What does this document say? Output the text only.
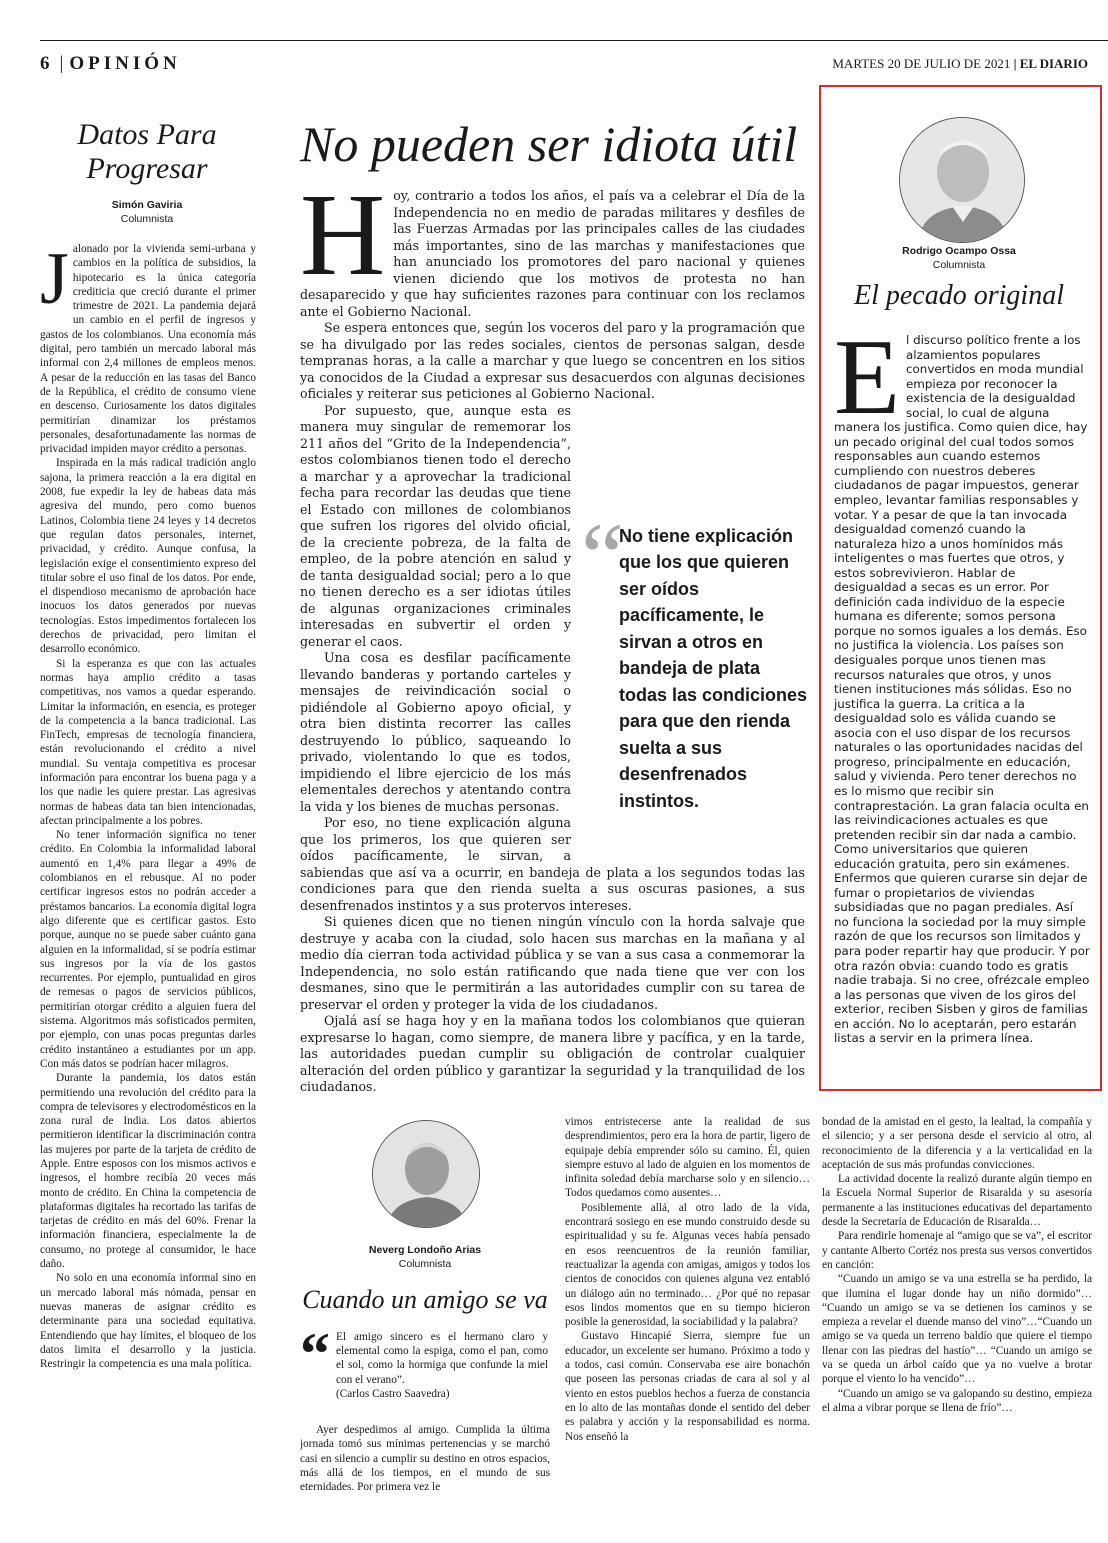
6 | OPINIÓN	MARTES 20 DE JULIO DE 2021 | EL DIARIO
Datos Para
Progresar
Simón Gaviria
Columnista
J alonado por la vivienda semi-urbana y cambios en la política de subsidios, la hipotecario es la única categoría crediticia que creció durante el primer trimestre de 2021. La pandemia dejará un cambio en el perfil de ingresos y gastos de los colombianos. Una economía más digital, pero también un mercado laboral más informal con 2,4 millones de empleos menos. A pesar de la reducción en las tasas del Banco de la República, el crédito de consumo viene en descenso. Curiosamente los datos digitales permitirían dinamizar los préstamos personales, desafortunadamente las normas de privacidad impiden mayor crédito a personas.

Inspirada en la más radical tradición anglo sajona, la primera reacción a la era digital en 2008, fue expedir la ley de habeas data más agresiva del mundo, pero como buenos Latinos, Colombia tiene 24 leyes y 14 decretos que regulan datos personales, internet, privacidad, y crédito. Aunque confusa, la legislación exige el consentimiento expreso del titular sobre el uso final de los datos. Por ende, el dispendioso mecanismo de aprobación hace inocuos los datos generados por nuevas tecnologías. Estos impedimentos fortalecen los derechos de privacidad, pero limitan el desarrollo económico.

Si la esperanza es que con las actuales normas haya amplio crédito a tasas competitivas, nos vamos a quedar esperando. Limitar la información, en esencia, es proteger de la competencia a la banca tradicional. Las FinTech, empresas de tecnología financiera, están revolucionando el crédito a nivel mundial. Su ventaja competitiva es procesar información para encontrar los buena paga y a los que nadie les quiere prestar. Las agresivas normas de habeas data tan bien intencionadas, afectan principalmente a los pobres.

No tener información significa no tener crédito. En Colombia la informalidad laboral aumentó en 1,4% para llegar a 49% de colombianos en el rebusque. Al no poder certificar ingresos estos no podrán acceder a préstamos bancarios. La economía digital logra algo diferente que es certificar gastos. Esto porque, aunque no se puede saber cuánto gana alguien en la informalidad, sí se podría estimar sus ingresos por la vía de los gastos recurrentes. Por ejemplo, puntualidad en giros de remesas o pagos de servicios públicos, permitirían otorgar crédito a alguien fuera del sistema. Algoritmos más sofisticados permiten, por ejemplo, con unas pocas preguntas darles crédito instantáneo a estudiantes por un app. Con más datos se podrían hacer milagros.

Durante la pandemia, los datos están permitiendo una revolución del crédito para la compra de televisores y electrodomésticos en la zona rural de India. Los datos abiertos permitieron identificar la discriminación contra las mujeres por parte de la tarjeta de crédito de Apple. Entre esposos con los mismos activos e ingresos, el hombre recibía 20 veces más monto de crédito. En China la competencia de plataformas digitales ha recortado las tarifas de tarjetas de crédito en más del 60%. Frenar la información financiera, especialmente la de consumo, no protege al consumidor, le hace daño.

No solo en una economía informal sino en un mercado laboral más nómada, pensar en nuevas maneras de asignar crédito es determinante para una sociedad equitativa. Entendiendo que hay límites, el bloqueo de los datos limita el desarrollo y la justicia. Restringir la competencia es una mala política.

No pueden ser idiota útil
H oy, contrario a todos los años, el país va a celebrar el Día de la Independencia no en medio de paradas militares y desfiles de las Fuerzas Armadas por las principales calles de las ciudades más importantes, sino de las marchas y manifestaciones que han anunciado los promotores del paro nacional y quienes vienen diciendo que los motivos de protesta no han desaparecido y que hay suficientes razones para continuar con los reclamos ante el Gobierno Nacional.

Se espera entonces que, según los voceros del paro y la programación que se ha divulgado por las redes sociales, cientos de personas salgan, desde tempranas horas, a la calle a marchar y que luego se concentren en los sitios ya conocidos de la Ciudad a expresar sus desacuerdos con algunas decisiones oficiales y reiterar sus peticiones al Gobierno Nacional.

“
No tiene explicación que los que quieren ser oídos pacíficamente, le sirvan a otros en bandeja de plata todas las condiciones para que den rienda suelta a sus desenfrenados instintos.

Por supuesto, que, aunque esta es manera muy singular de rememorar los 211 años del “Grito de la Independencia”, estos colombianos tienen todo el derecho a marchar y a aprovechar la tradicional fecha para recordar las deudas que tiene el Estado con millones de colombianos que sufren los rigores del olvido oficial, de la creciente pobreza, de la falta de empleo, de la pobre atención en salud y de tanta desigualdad social; pero a lo que no tienen derecho es a ser idiotas útiles de algunas organizaciones criminales interesadas en subvertir el orden y generar el caos.

Una cosa es desfilar pacíficamente llevando banderas y portando carteles y mensajes de reivindicación social o pidiéndole al Gobierno apoyo oficial, y otra bien distinta recorrer las calles destruyendo lo público, saqueando lo privado, violentando lo que es todos, impidiendo el libre ejercicio de los más elementales derechos y atentando contra la vida y los bienes de muchas personas.

Por eso, no tiene explicación alguna que los primeros, los que quieren ser oídos pacíficamente, le sirvan, a sabiendas que así va a ocurrir, en bandeja de plata a los segundos todas las condiciones para que den rienda suelta a sus oscuras pasiones, a sus desenfrenados instintos y a sus protervos intereses.

Si quienes dicen que no tienen ningún vínculo con la horda salvaje que destruye y acaba con la ciudad, solo hacen sus marchas en la mañana y al medio día cierran toda actividad pública y se van a sus casa a conmemorar la Independencia, no solo están ratificando que nada tiene que ver con los desmanes, sino que le permitirán a las autoridades cumplir con su tarea de preservar el orden y proteger la vida de los ciudadanos.

Ojalá así se haga hoy y en la mañana todos los colombianos que quieran expresarse lo hagan, como siempre, de manera libre y pacífica, y en la tarde, las autoridades puedan cumplir su obligación de controlar cualquier alteración del orden público y garantizar la seguridad y la tranquilidad de los ciudadanos.

Rodrigo Ocampo Ossa
Columnista
El pecado original
E l discurso político frente a los alzamientos populares convertidos en moda mundial empieza por reconocer la existencia de la desigualdad social, lo cual de alguna manera los justifica. Como quien dice, hay un pecado original del cual todos somos responsables aun cuando estemos cumpliendo con nuestros deberes ciudadanos de pagar impuestos, generar empleo, levantar familias responsables y votar. Y a pesar de que la tan invocada desigualdad comenzó cuando la naturaleza hizo a unos homínidos más inteligentes o mas fuertes que otros, y estos sobrevivieron. Hablar de desigualdad a secas es un error. Por definición cada individuo de la especie humana es diferente; somos persona porque no somos iguales a los demás. Eso no justifica la violencia. Los países son desiguales porque unos tienen mas recursos naturales que otros, y unos tienen instituciones más sólidas. Eso no justifica la guerra. La critica a la desigualdad solo es válida cuando se asocia con el uso dispar de los recursos naturales o las oportunidades nacidas del progreso, principalmente en educación, salud y vivienda. Pero tener derechos no es lo mismo que recibir sin contraprestación. La gran falacia oculta en las reivindicaciones actuales es que pretenden recibir sin dar nada a cambio. Como universitarios que quieren educación gratuita, pero sin exámenes. Enfermos que quieren curarse sin dejar de fumar o propietarios de viviendas subsidiadas que no pagan prediales. Así no funciona la sociedad por la muy simple razón de que los recursos son limitados y para poder repartir hay que producir. Y por otra razón obvia: cuando todo es gratis nadie trabaja. Si no cree, ofrézcale empleo a las personas que viven de los giros del exterior, reciben Sisben y giros de familias en acción. No lo aceptarán, pero estarán listas a servir en la primera línea.

Neverg Londoño Arias
Columnista
Cuando un amigo se va
“ El amigo sincero es el hermano claro y elemental como la espiga, como el pan, como el sol, como la hormiga que confunde la miel con el verano”.
(Carlos Castro Saavedra)

Ayer despedimos al amigo. Cumplida la última jornada tomó sus mínimas pertenencias y se marchó casi en silencio a cumplir su destino en otros espacios, más allá de los tiempos, en el mundo de sus eternidades. Por primera vez le

vimos entristecerse ante la realidad de sus desprendimientos, pero era la hora de partir, ligero de equipaje debía emprender sólo su camino. Él, quien siempre estuvo al lado de alguien en los momentos de infinita soledad debía marcharse solo y en silencio… Todos quedamos como ausentes…

Posiblemente allá, al otro lado de la vida, encontrará sosiego en ese mundo construido desde su espiritualidad y su fe. Algunas veces había pensado en esos reencuentros de la reunión familiar, reactualizar la agenda con amigas, amigos y todos los cientos de conocidos con quienes alguna vez entabló un diálogo aún no terminado… ¿Por qué no repasar esos lindos momentos que en su tiempo hicieron posible la generosidad, la sociabilidad y la palabra?

Gustavo Hincapié Sierra, siempre fue un educador, un excelente ser humano. Próximo a todo y a todos, casi común. Conservaba ese aire bonachón que poseen las personas criadas de cara al sol y al viento en estos pueblos hechos a fuerza de constancia en lo alto de las montañas donde el sentido del deber es palabra y acción y la responsabilidad es norma. Nos enseñó la

bondad de la amistad en el gesto, la lealtad, la compañía y el silencio; y a ser persona desde el servicio al otro, al reconocimiento de la diferencia y a la verticalidad en la aceptación de sus más profundas convicciones.

La actividad docente la realizó durante algún tiempo en la Escuela Normal Superior de Risaralda y su asesoría permanente a las instituciones educativas del departamento desde la Secretaría de Educación de Risaralda…

Para rendirle homenaje al “amigo que se va”, el escritor y cantante Alberto Cortéz nos presta sus versos convertidos en canción:

“Cuando un amigo se va una estrella se ha perdido, la que ilumina el lugar donde hay un niño dormido”… “Cuando un amigo se va se detienen los caminos y se empieza a revelar el duende manso del vino”…“Cuando un amigo se va queda un terreno baldío que quiere el tiempo llenar con las piedras del hastío”… “Cuando un amigo se va se queda un árbol caído que ya no vuelve a brotar porque el viento lo ha vencido”…

“Cuando un amigo se va galopando su destino, empieza el alma a vibrar porque se llena de frío”…
